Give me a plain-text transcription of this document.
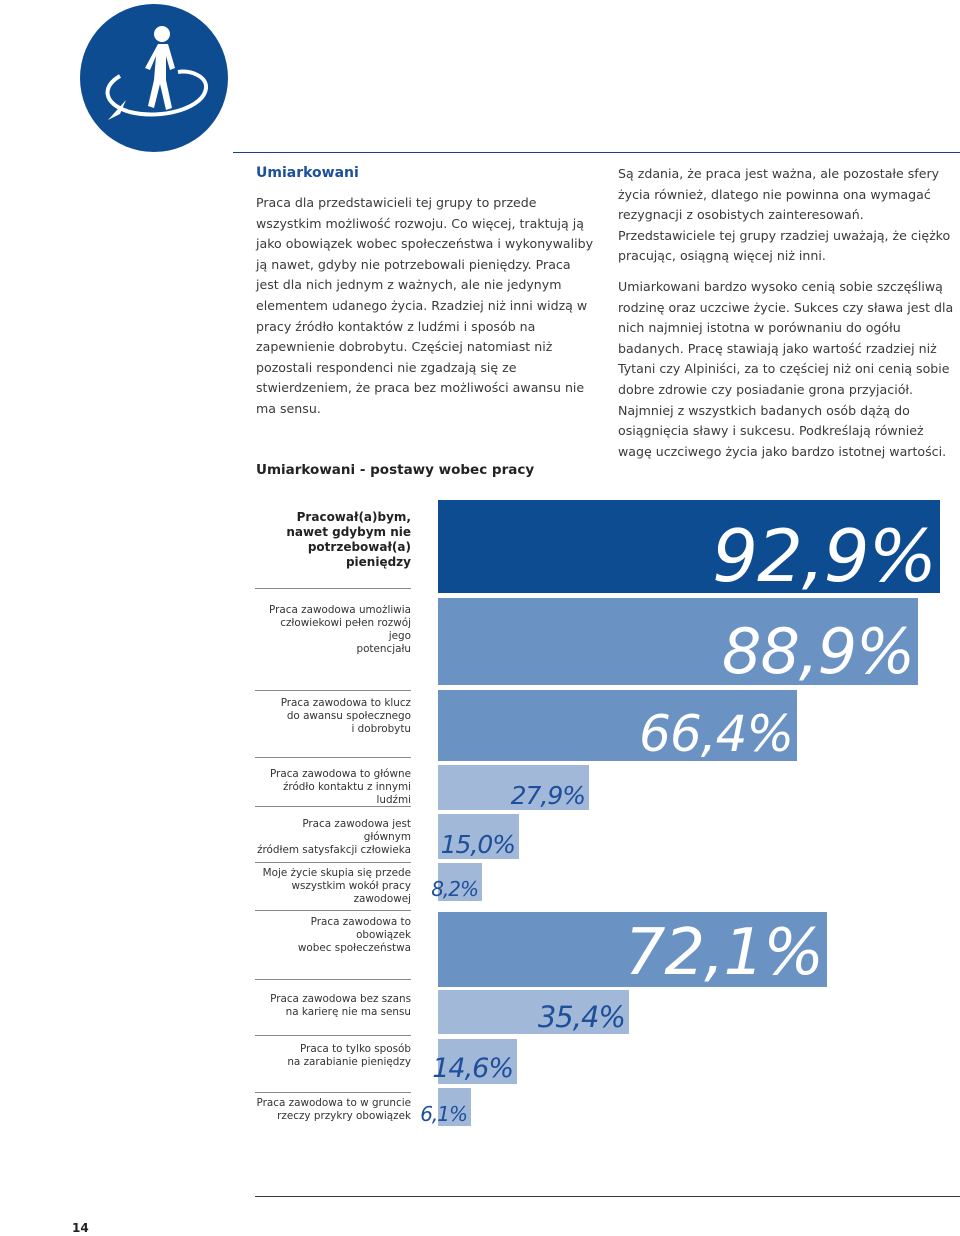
Umiarkowani

Praca dla przedstawicieli tej grupy to przede wszystkim możliwość rozwoju. Co więcej, traktują ją jako obowiązek wobec społeczeństwa i wykonywaliby ją nawet, gdyby nie potrzebowali pieniędzy. Praca jest dla nich jednym z ważnych, ale nie jedynym elementem udanego życia. Rzadziej niż inni widzą w pracy źródło kontaktów z ludźmi i sposób na zapewnienie dobrobytu. Częściej natomiast niż pozostali respondenci nie zgadzają się ze stwierdzeniem, że praca bez możliwości awansu nie ma sensu.

Są zdania, że praca jest ważna, ale pozostałe sfery życia również, dlatego nie powinna ona wymagać rezygnacji z osobistych zainteresowań. Przedstawiciele tej grupy rzadziej uważają, że ciężko pracując, osiągną więcej niż inni.

Umiarkowani bardzo wysoko cenią sobie szczęśliwą rodzinę oraz uczciwe życie. Sukces czy sława jest dla nich najmniej istotna w porównaniu do ogółu badanych. Pracę stawiają jako wartość rzadziej niż Tytani czy Alpiniści, za to częściej niż oni cenią sobie dobre zdrowie czy posiadanie grona przyjaciół. Najmniej z wszystkich badanych osób dążą do osiągnięcia sławy i sukcesu. Podkreślają również wagę uczciwego życia jako bardzo istotnej wartości.

Umiarkowani - postawy wobec pracy
92,9%
Pracował(a)bym,
nawet gdybym nie
potrzebował(a) pieniędzy
88,9%
Praca zawodowa umożliwia
człowiekowi pełen rozwój jego
potencjału
66,4%
Praca zawodowa to klucz
do awansu społecznego
i dobrobytu
27,9%
Praca zawodowa to główne
źródło kontaktu z innymi ludźmi
15,0%
Praca zawodowa jest głównym
źródłem satysfakcji człowieka
8,2%
Moje życie skupia się przede
wszystkim wokół pracy
zawodowej
72,1%
Praca zawodowa to obowiązek
wobec społeczeństwa
35,4%
Praca zawodowa bez szans
na karierę nie ma sensu
14,6%
Praca to tylko sposób
na zarabianie pieniędzy
6,1%
Praca zawodowa to w gruncie
rzeczy przykry obowiązek
14
